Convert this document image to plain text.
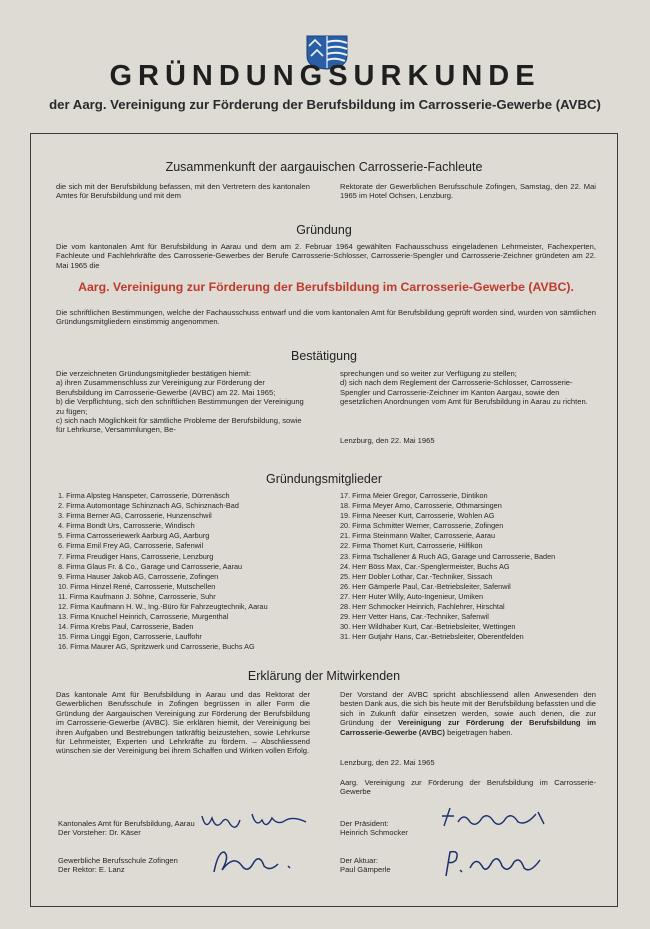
GRÜNDUNGSURKUNDE
der Aarg. Vereinigung zur Förderung der Berufsbildung im Carrosserie-Gewerbe (AVBC)
Zusammenkunft der aargauischen Carrosserie-Fachleute
die sich mit der Berufsbildung befassen, mit den Vertretern des kantonalen Amtes für Berufsbildung und mit dem
Rektorate der Gewerblichen Berufsschule Zofingen, Samstag, den 22. Mai 1965 im Hotel Ochsen, Lenzburg.
Gründung
Die vom kantonalen Amt für Berufsbildung in Aarau und dem am 2. Februar 1964 gewählten Fachausschuss eingeladenen Lehrmeister, Fachexperten, Fachleute und Fachlehrkräfte des Carrosserie-Gewerbes der Berufe Carrosserie-Schlosser, Carrosserie-Spengler und Carrosserie-Zeichner gründeten am 22. Mai 1965 die
Aarg. Vereinigung zur Förderung der Berufsbildung im Carrosserie-Gewerbe (AVBC).
Die schriftlichen Bestimmungen, welche der Fachausschuss entwarf und die vom kantonalen Amt für Berufsbildung geprüft worden sind, wurden von sämtlichen Gründungsmitgliedern einstimmig angenommen.
Bestätigung
Die verzeichneten Gründungsmitglieder bestätigen hiemit:
a) ihren Zusammenschluss zur Vereinigung zur Förderung der Berufsbildung im Carrosserie-Gewerbe (AVBC) am 22. Mai 1965;
b) die Verpflichtung, sich den schriftlichen Bestimmungen der Vereinigung zu fügen;
c) sich nach Möglichkeit für sämtliche Probleme der Berufsbildung, sowie für Lehrkurse, Versammlungen, Be-
sprechungen und so weiter zur Verfügung zu stellen;
d) sich nach dem Reglement der Carrosserie-Schlosser, Carrosserie-Spengler und Carrosserie-Zeichner im Kanton Aargau, sowie den gesetzlichen Anordnungen vom Amt für Berufsbildung in Aarau zu richten.
Lenzburg, den 22. Mai 1965
Gründungsmitglieder
1. Firma Alpsteg Hanspeter, Carrosserie, Dürrenäsch
2. Firma Automontage Schinznach AG, Schinznach-Bad
3. Firma Berner AG, Carrosserie, Hunzenschwil
4. Firma Bondt Urs, Carrosserie, Windisch
5. Firma Carrosseriewerk Aarburg AG, Aarburg
6. Firma Emil Frey AG, Carrosserie, Safenwil
7. Firma Freudiger Hans, Carrosserie, Lenzburg
8. Firma Glaus Fr. & Co., Garage und Carrosserie, Aarau
9. Firma Hauser Jakob AG, Carrosserie, Zofingen
10. Firma Hinzel René, Carrosserie, Mutschellen
11. Firma Kaufmann J. Söhne, Carrosserie, Suhr
12. Firma Kaufmann H. W., Ing.-Büro für Fahrzeugtechnik, Aarau
13. Firma Knuchel Heinrich, Carrosserie, Murgenthal
14. Firma Krebs Paul, Carrosserie, Baden
15. Firma Linggi Egon, Carrosserie, Lauffohr
16. Firma Maurer AG, Spritzwerk und Carrosserie, Buchs AG
17. Firma Meier Gregor, Carrosserie, Dintikon
18. Firma Meyer Arno, Carrosserie, Othmarsingen
19. Firma Neeser Kurt, Carrosserie, Wohlen AG
20. Firma Schmitter Werner, Carrosserie, Zofingen
21. Firma Steinmann Walter, Carrosserie, Aarau
22. Firma Thomet Kurt, Carrosserie, Hilfikon
23. Firma Tschallener & Ruch AG, Garage und Carrosserie, Baden
24. Herr Böss Max, Car.-Spenglermeister, Buchs AG
25. Herr Dobler Lothar, Car.-Techniker, Sissach
26. Herr Gämperle Paul, Car.-Betriebsleiter, Safenwil
27. Herr Huter Willy, Auto-Ingenieur, Umiken
28. Herr Schmocker Heinrich, Fachlehrer, Hirschtal
29. Herr Vetter Hans, Car.-Techniker, Safenwil
30. Herr Wildhaber Kurt, Car.-Betriebsleiter, Wettingen
31. Herr Gutjahr Hans, Car.-Betriebsleiter, Oberentfelden
Erklärung der Mitwirkenden
Das kantonale Amt für Berufsbildung in Aarau und das Rektorat der Gewerblichen Berufsschule in Zofingen begrüssen in aller Form die Gründung der Aargauischen Vereinigung zur Förderung der Berufsbildung im Carrosserie-Gewerbe (AVBC). Sie erklären hiemit, der Vereinigung bei ihren Aufgaben und Bestrebungen tatkräftig beizustehen, sowie Lehrkurse für Lehrmeister, Experten und Lehrkräfte zu fördern. – Abschliessend wünschen sie der Vereinigung bei ihrem Schaffen und Wirken vollen Erfolg.
Der Vorstand der AVBC spricht abschliessend allen Anwesenden den besten Dank aus, die sich bis heute mit der Berufsbildung befassten und die sich in Zukunft dafür einsetzen werden, sowie auch denen, die zur Gründung der Vereinigung zur Förderung der Berufsbildung im Carrosserie-Gewerbe (AVBC) beigetragen haben.
Lenzburg, den 22. Mai 1965
Aarg. Vereinigung zur Förderung der Berufsbildung im Carrosserie-Gewerbe
Kantonales Amt für Berufsbildung, Aarau
Der Vorsteher: Dr. Käser
Gewerbliche Berufsschule Zofingen
Der Rektor: E. Lanz
Der Präsident:
Heinrich Schmocker
Der Aktuar:
Paul Gämperle
